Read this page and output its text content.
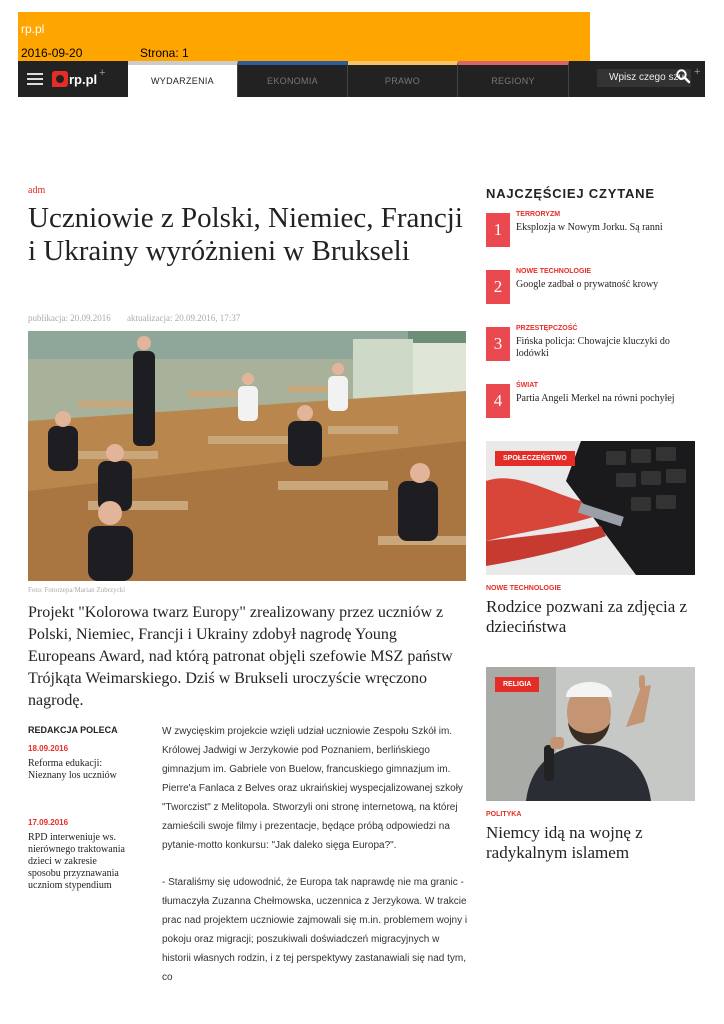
rp.pl
2016-09-20	Strona: 1
rp.pl +
WYDARZENIA	EKONOMIA	PRAWO	REGIONY	Wpisz czego szu +
adm
Uczniowie z Polski, Niemiec, Francji i Ukrainy wyróżnieni w Brukseli
publikacja: 20.09.2016 aktualizacja: 20.09.2016, 17:37
Foto: Fotorzepa/Marian Zubrzycki
Projekt "Kolorowa twarz Europy" zrealizowany przez uczniów z Polski, Niemiec, Francji i Ukrainy zdobył nagrodę Young Europeans Award, nad którą patronat objęli szefowie MSZ państw Trójkąta Weimarskiego. Dziś w Brukseli uroczyście wręczono nagrodę.
REDAKCJA POLECA
18.09.2016
Reforma edukacji: Nieznany los uczniów
17.09.2016
RPD interweniuje ws. nierównego traktowania dzieci w zakresie sposobu przyznawania uczniom stypendium

W zwycięskim projekcie wzięli udział uczniowie Zespołu Szkół im. Królowej Jadwigi w Jerzykowie pod Poznaniem, berlińskiego gimnazjum im. Gabriele von Buelow, francuskiego gimnazjum im. Pierre'a Fanlaca z Belves oraz ukraińskiej wyspecjalizowanej szkoły "Tworczist" z Melitopola. Stworzyli oni stronę internetową, na której zamieścili swoje filmy i prezentacje, będące próbą odpowiedzi na pytanie-motto konkursu: "Jak daleko sięga Europa?".

- Staraliśmy się udowodnić, że Europa tak naprawdę nie ma granic - tłumaczyła Zuzanna Chełmowska, uczennica z Jerzykowa. W trakcie prac nad projektem uczniowie zajmowali się m.in. problemem wojny i pokoju oraz migracji; poszukiwali doświadczeń migracyjnych w historii własnych rodzin, i z tej perspektywy zastanawiali się nad tym, co

NAJCZĘŚCIEJ CZYTANE
1
TERRORYZM
Eksplozja w Nowym Jorku. Są ranni
2
NOWE TECHNOLOGIE
Google zadbał o prywatność krowy
3
PRZESTĘPCZOŚĆ
Fińska policja: Chowajcie kluczyki do lodówki
4
ŚWIAT
Partia Angeli Merkel na równi pochyłej
SPOŁECZEŃSTWO
NOWE TECHNOLOGIE
Rodzice pozwani za zdjęcia z dzieciństwa
RELIGIA
POLITYKA
Niemcy idą na wojnę z radykalnym islamem
